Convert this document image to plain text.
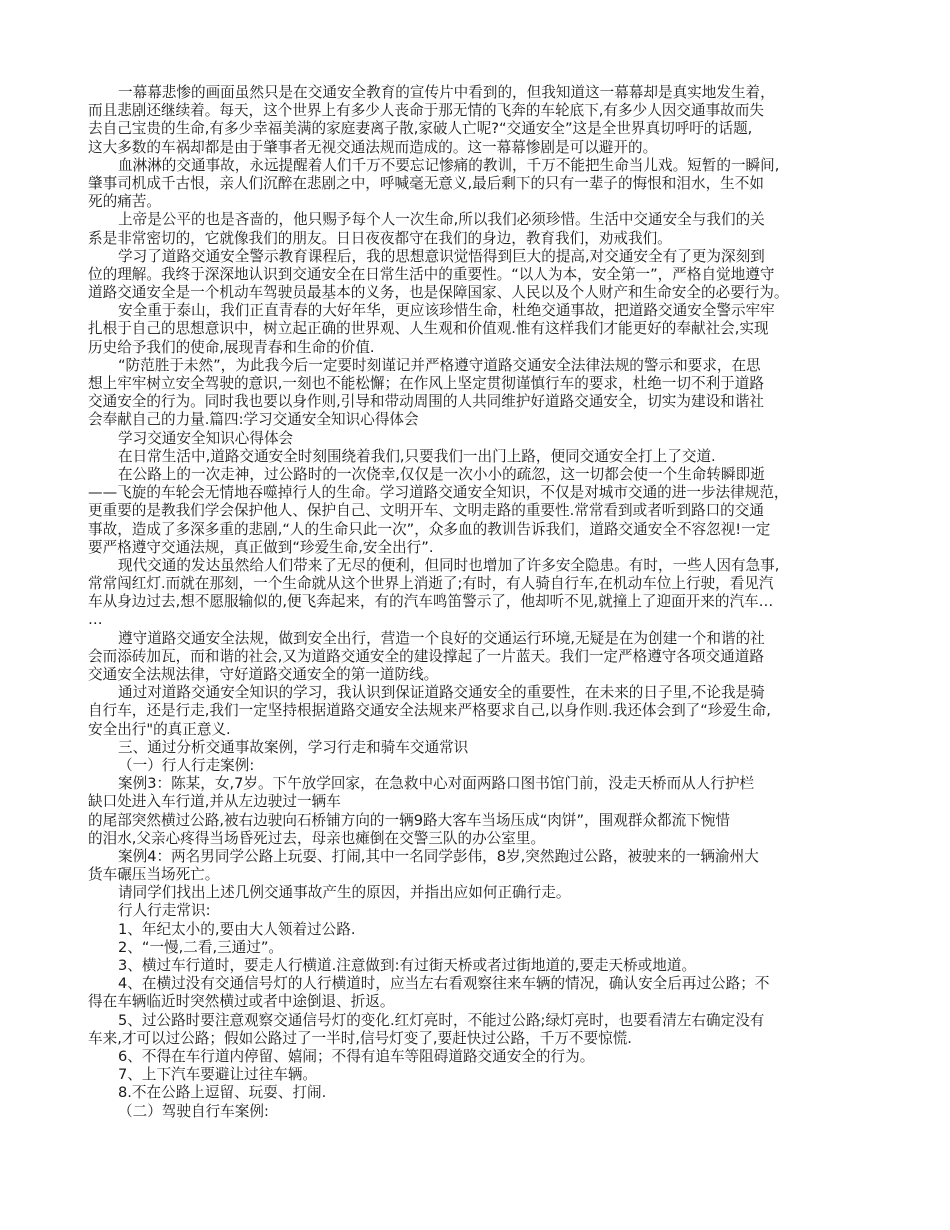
一幕幕悲惨的画面虽然只是在交通安全教育的宣传片中看到的，但我知道这一幕幕却是真实地发生着，
而且悲剧还继续着。每天，这个世界上有多少人丧命于那无情的飞奔的车轮底下,有多少人因交通事故而失
去自己宝贵的生命,有多少幸福美满的家庭妻离子散,家破人亡呢?“交通安全”这是全世界真切呼吁的话题,
这大多数的车祸却都是由于肇事者无视交通法规而造成的。这一幕幕惨剧是可以避开的。
血淋淋的交通事故，永远提醒着人们千万不要忘记惨痛的教训，千万不能把生命当儿戏。短暂的一瞬间,
肇事司机成千古恨，亲人们沉醉在悲剧之中，呼喊毫无意义,最后剩下的只有一辈子的悔恨和泪水，生不如
死的痛苦。
上帝是公平的也是吝啬的，他只赐予每个人一次生命,所以我们必须珍惜。生活中交通安全与我们的关
系是非常密切的，它就像我们的朋友。日日夜夜都守在我们的身边，教育我们，劝戒我们。
学习了道路交通安全警示教育课程后，我的思想意识觉悟得到巨大的提高,对交通安全有了更为深刻到
位的理解。我终于深深地认识到交通安全在日常生活中的重要性。“以人为本，安全第一”，严格自觉地遵守
道路交通安全是一个机动车驾驶员最基本的义务，也是保障国家、人民以及个人财产和生命安全的必要行为。
安全重于泰山，我们正直青春的大好年华，更应该珍惜生命，杜绝交通事故，把道路交通安全警示牢牢
扎根于自己的思想意识中，树立起正确的世界观、人生观和价值观.惟有这样我们才能更好的奉献社会,实现
历史给予我们的使命,展现青春和生命的价值.
“防范胜于未然”，为此我今后一定要时刻谨记并严格遵守道路交通安全法律法规的警示和要求，在思
想上牢牢树立安全驾驶的意识,一刻也不能松懈；在作风上坚定贯彻谨慎行车的要求，杜绝一切不利于道路
交通安全的行为。同时我也要以身作则,引导和带动周围的人共同维护好道路交通安全，切实为建设和谐社
会奉献自己的力量.篇四:学习交通安全知识心得体会
学习交通安全知识心得体会
在日常生活中,道路交通安全时刻围绕着我们,只要我们一出门上路，便同交通安全打上了交道.
在公路上的一次走神，过公路时的一次侥幸,仅仅是一次小小的疏忽，这一切都会使一个生命转瞬即逝
——飞旋的车轮会无情地吞噬掉行人的生命。学习道路交通安全知识，不仅是对城市交通的进一步法律规范，
更重要的是教我们学会保护他人、保护自己、文明开车、文明走路的重要性.常常看到或者听到路口的交通
事故，造成了多深多重的悲剧,“人的生命只此一次”，众多血的教训告诉我们，道路交通安全不容忽视!一定
要严格遵守交通法规，真正做到“珍爱生命,安全出行”.
现代交通的发达虽然给人们带来了无尽的便利，但同时也增加了许多安全隐患。有时，一些人因有急事,
常常闯红灯.而就在那刻，一个生命就从这个世界上消逝了;有时，有人骑自行车,在机动车位上行驶，看见汽
车从身边过去,想不愿服输似的,便飞奔起来，有的汽车鸣笛警示了，他却听不见,就撞上了迎面开来的汽车…
…
遵守道路交通安全法规，做到安全出行，营造一个良好的交通运行环境,无疑是在为创建一个和谐的社
会而添砖加瓦，而和谐的社会,又为道路交通安全的建设撑起了一片蓝天。我们一定严格遵守各项交通道路
交通安全法规法律，守好道路交通安全的第一道防线。
通过对道路交通安全知识的学习，我认识到保证道路交通安全的重要性，在未来的日子里,不论我是骑
自行车，还是行走,我们一定坚持根据道路交通安全法规来严格要求自己,以身作则.我还体会到了“珍爱生命,
安全出行"的真正意义.
三、通过分析交通事故案例，学习行走和骑车交通常识
（一）行人行走案例:
案例3：陈某，女,7岁。下午放学回家，在急救中心对面两路口图书馆门前，没走天桥而从人行护栏
缺口处进入车行道,并从左边驶过一辆车
的尾部突然横过公路,被右边驶向石桥铺方向的一辆9路大客车当场压成“肉饼”，围观群众都流下惋惜
的泪水,父亲心疼得当场昏死过去，母亲也瘫倒在交警三队的办公室里。
案例4：两名男同学公路上玩耍、打闹,其中一名同学彭伟，8岁,突然跑过公路，被驶来的一辆渝州大
货车碾压当场死亡。
请同学们找出上述几例交通事故产生的原因，并指出应如何正确行走。
行人行走常识:
1、年纪太小的,要由大人领着过公路.
2、“一慢,二看,三通过”。
3、横过车行道时，要走人行横道.注意做到:有过街天桥或者过街地道的,要走天桥或地道。
4、在横过没有交通信号灯的人行横道时，应当左右看观察往来车辆的情况，确认安全后再过公路；不
得在车辆临近时突然横过或者中途倒退、折返。
5、过公路时要注意观察交通信号灯的变化.红灯亮时，不能过公路;绿灯亮时，也要看清左右确定没有
车来,才可以过公路；假如公路过了一半时,信号灯变了,要赶快过公路，千万不要惊慌.
6、不得在车行道内停留、嬉闹；不得有追车等阻碍道路交通安全的行为。
7、上下汽车要避让过往车辆。
8.不在公路上逗留、玩耍、打闹.
（二）驾驶自行车案例:
